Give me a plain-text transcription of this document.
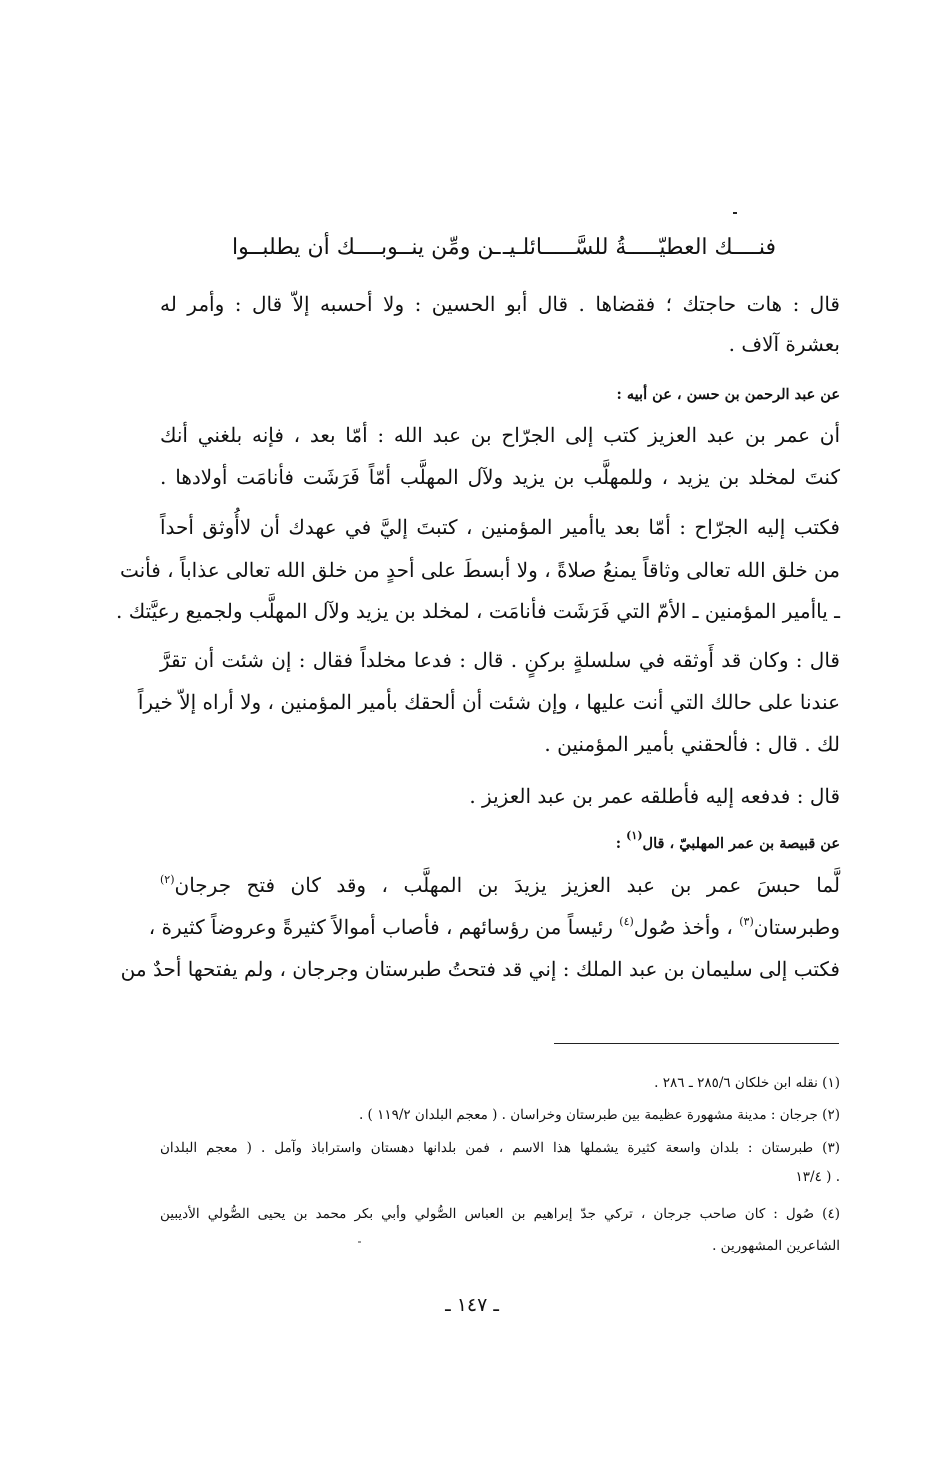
فنــــك العطيّـــــةُ للسَّـــــائلـيـ
ـن ومِّن ينــوبــــك أن يطلبــوا
قال : هات حاجتك ؛ فقضاها . قال أبو الحسين : ولا أحسبه إلاّ قال : وأمر له
بعشرة آلاف .
عن عبد الرحمن بن حسن ، عن أبيه :
أن عمر بن عبد العزيز كتب إلى الجرّاح بن عبد الله : أمّا بعد ، فإنه بلغني أنك
كنتَ لمخلد بن يزيد ، وللمهلَّب بن يزيد ولآل المهلَّب أمّاً فَرَشَت فأنامَت أولادها .
فكتب إليه الجرّاح : أمّا بعد ياأمير المؤمنين ، كتبتَ إليَّ في عهدك أن لاأُوثق أحداً
من خلق الله تعالى وثاقاً يمنعُ صلاةً ، ولا أبسطَ على أحدٍ من خلق الله تعالى عذاباً ، فأنت
ـ ياأمير المؤمنين ـ الأمّ التي فَرَشَت فأنامَت ، لمخلد بن يزيد ولآل المهلَّب ولجميع رعيَّتك .
قال : وكان قد أَوثقه في سلسلةٍ بركنٍ . قال : فدعا مخلداً فقال : إن شئت أن تقرَّ
عندنا على حالك التي أنت عليها ، وإن شئت أن ألحقك بأمير المؤمنين ، ولا أراه إلاّ خيراً
لك . قال : فألحقني بأمير المؤمنين .
قال : فدفعه إليه فأطلقه عمر بن عبد العزيز .
عن قبيصة بن عمر المهلبيّ ، قال$^{(١)}$ :
لَّما حبسَ عمر بن عبد العزيز يزيدَ بن المهلَّب ، وقد كان فتح جرجان$^{(٢)}$
وطبرستان$^{(٣)}$ ، وأخذ صُول$^{(٤)}$ رئيساً من رؤسائهم ، فأصاب أموالاً كثيرةً وعروضاً كثيرة ،
فكتب إلى سليمان بن عبد الملك : إني قد فتحتُ طبرستان وجرجان ، ولم يفتحها أحدٌ من
(١) نقله ابن خلكان ٢٨٥/٦ ـ ٢٨٦ .
(٢) جرجان : مدينة مشهورة عظيمة بين طبرستان وخراسان . ( معجم البلدان ١١٩/٢ ) .
(٣) طبرستان : بلدان واسعة كثيرة يشملها هذا الاسم ، فمن بلدانها دهستان واستراباذ وآمل . ( معجم البلدان
١٣/٤ ) .
(٤) صُول : كان صاحب جرجان ، تركي جدّ إبراهيم بن العباس الصُّولي وأبي بكر محمد بن يحيى الصُّولي الأديبين
الشاعرين المشهورين .
ـ ١٤٧ ـ
